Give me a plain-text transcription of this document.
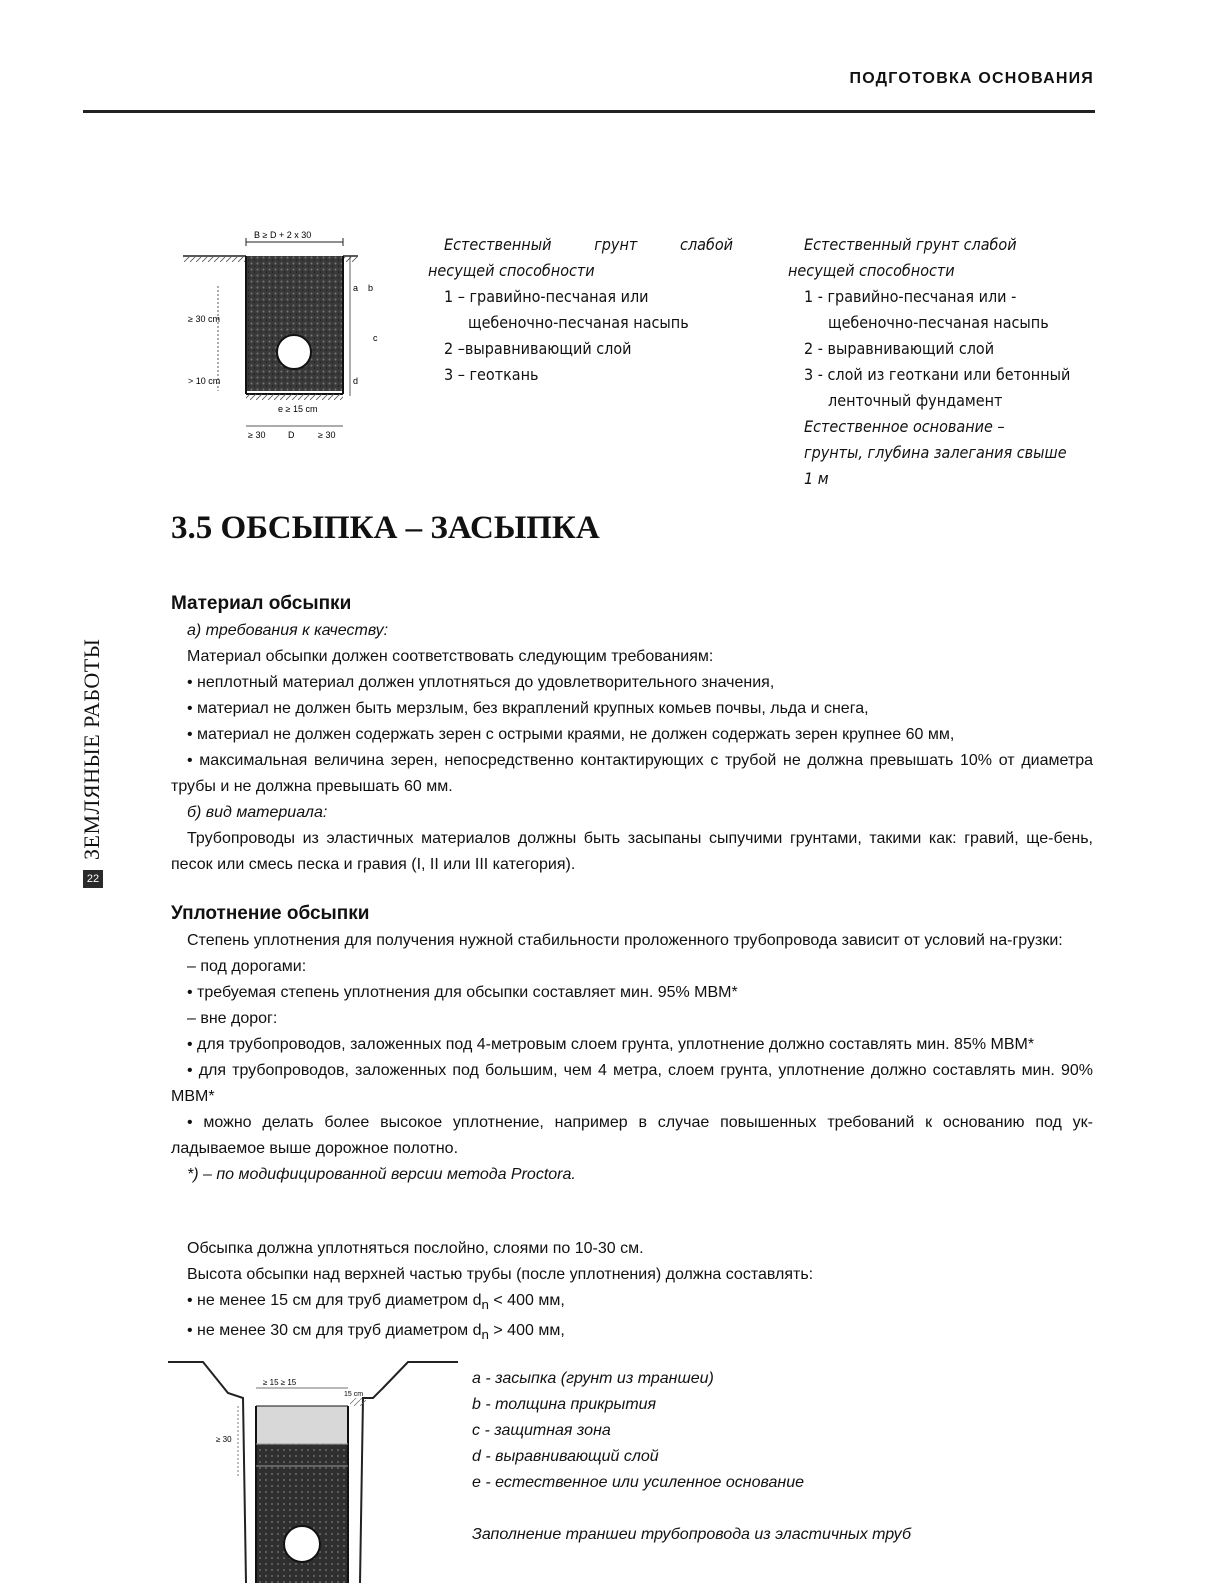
ПОДГОТОВКА ОСНОВАНИЯ
ЗЕМЛЯНЫЕ РАБОТЫ
22
B ≥ D + 2 x 30
a b
c
d
≥ 30 cm
> 10 cm
e ≥ 15 cm
≥ 30	D	≥ 30
Естественный грунт слабой
несущей способности
1 – гравийно-песчаная или
щебеночно-песчаная насыпь
2 –выравнивающий слой
3 – геоткань
Естественный грунт слабой
несущей способности
1 - гравийно-песчаная или -
щебеночно-песчаная насыпь
2 - выравнивающий слой
3 - слой из геоткани или бетонный
ленточный фундамент
Естественное основание –
грунты, глубина залегания свыше
1 м
3.5 ОБСЫПКА – ЗАСЫПКА

Материал обсыпки

а) требования к качеству:

Материал обсыпки должен соответствовать следующим требованиям:

• неплотный материал должен уплотняться до удовлетворительного значения,

• материал не должен быть мерзлым, без вкраплений крупных комьев почвы, льда и снега,

• материал не должен содержать зерен с острыми краями, не должен содержать зерен крупнее 60 мм,

• максимальная величина зерен, непосредственно контактирующих с трубой не должна превышать 10% от диаметра трубы и не должна превышать 60 мм.

б) вид материала:

Трубопроводы из эластичных материалов должны быть засыпаны сыпучими грунтами, такими как: гравий, ще-бень, песок или смесь песка и гравия (I, II или III категория).

Уплотнение обсыпки

Степень уплотнения для получения нужной стабильности проложенного трубопровода зависит от условий на-грузки:

– под дорогами:

• требуемая степень уплотнения для обсыпки составляет мин. 95% MBM*

– вне дорог:

• для трубопроводов, заложенных под 4-метровым слоем грунта, уплотнение должно составлять мин. 85% MBM*

• для трубопроводов, заложенных под большим, чем 4 метра, слоем грунта, уплотнение должно составлять мин. 90% MBM*

• можно делать более высокое уплотнение, например в случае повышенных требований к основанию под ук-ладываемое выше дорожное полотно.

*) – по модифицированной версии метода Proctora.

Обсыпка должна уплотняться послойно, слоями по 10-30 см.

Высота обсыпки над верхней частью трубы (после уплотнения) должна составлять:

• не менее 15 см для труб диаметром $d_n < 400$ мм,

• не менее 30 см для труб диаметром $d_n > 400$ мм,

≥ 15 ≥ 15
≥ 30
15 cm

a - засыпка (грунт из траншеи)

b - толщина прикрытия

c - защитная зона

d - выравнивающий слой

e - естественное или усиленное основание

Заполнение траншеи трубопровода из эластичных труб
